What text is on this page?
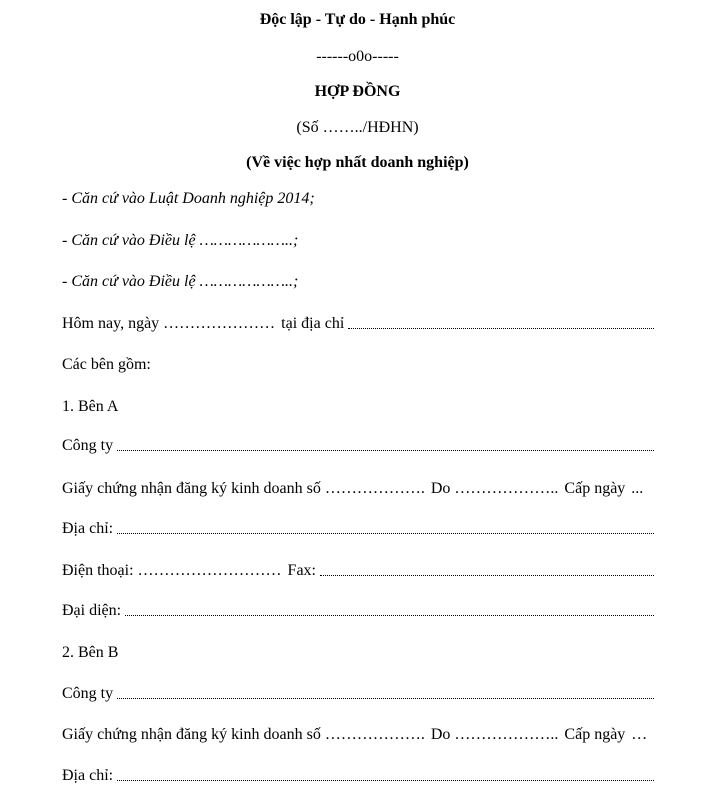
Độc lập - Tự do - Hạnh phúc
------o0o-----
HỢP ĐỒNG
(Số ……../HĐHN)
(Về việc hợp nhất doanh nghiệp)
- Căn cứ vào Luật Doanh nghiệp 2014;
- Căn cứ vào Điều lệ ………………..;
- Căn cứ vào Điều lệ ………………..;
Hôm nay, ngày ………………… tại địa chỉ
Các bên gồm:
1. Bên A
Công ty
Giấy chứng nhận đăng ký kinh doanh số ………………. Do ……………….. Cấp ngày ...
Địa chỉ:
Điện thoại: ……………………… Fax:
Đại diện:
2. Bên B
Công ty
Giấy chứng nhận đăng ký kinh doanh số ………………. Do ……………….. Cấp ngày …
Địa chỉ:
